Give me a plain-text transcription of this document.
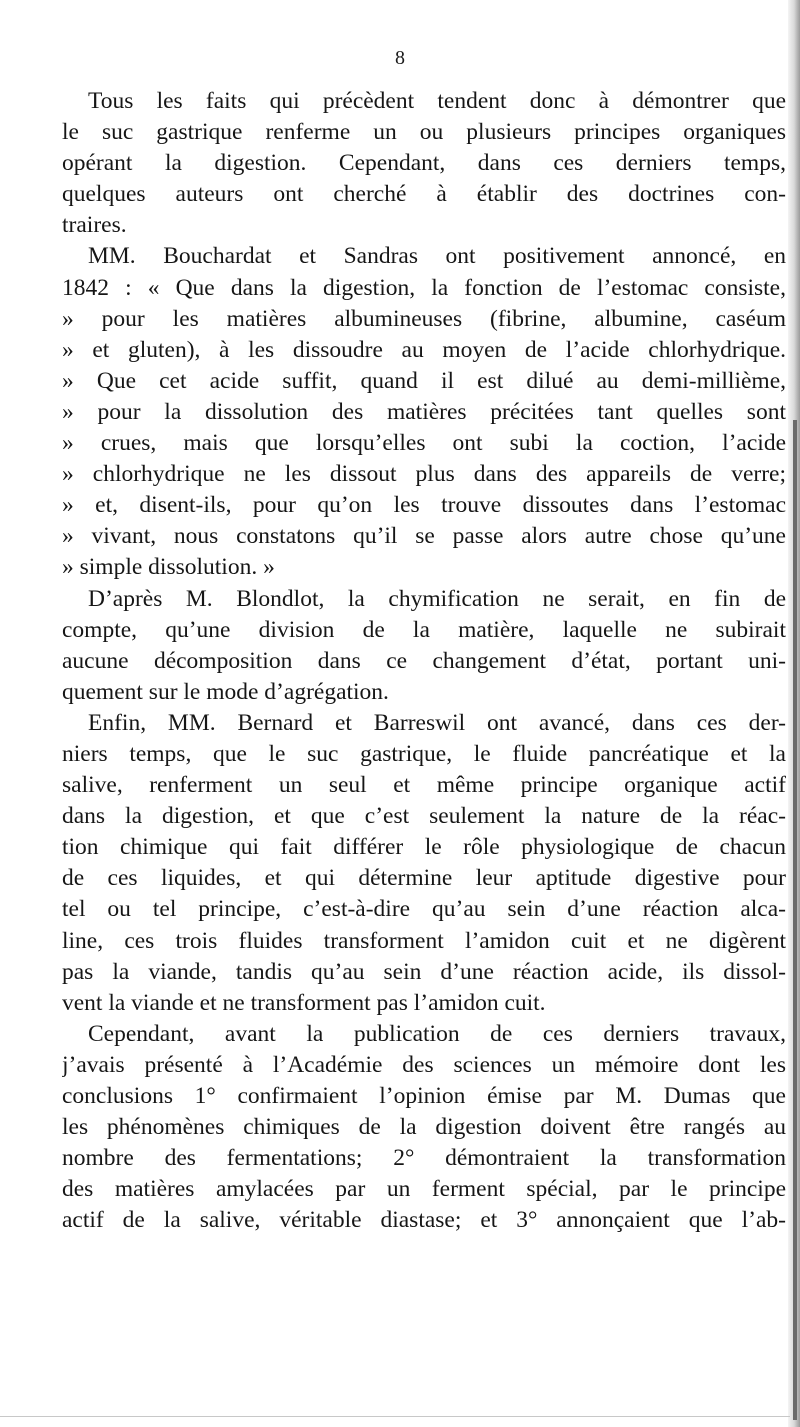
8
Tous les faits qui précèdent tendent donc à démontrer que
le suc gastrique renferme un ou plusieurs principes organiques
opérant la digestion. Cependant, dans ces derniers temps,
quelques auteurs ont cherché à établir des doctrines con-
traires.
MM. Bouchardat et Sandras ont positivement annoncé, en
1842 : « Que dans la digestion, la fonction de l’estomac consiste,
» pour les matières albumineuses (fibrine, albumine, caséum
» et gluten), à les dissoudre au moyen de l’acide chlorhydrique.
» Que cet acide suffit, quand il est dilué au demi-millième,
» pour la dissolution des matières précitées tant quelles sont
» crues, mais que lorsqu’elles ont subi la coction, l’acide
» chlorhydrique ne les dissout plus dans des appareils de verre;
» et, disent-ils, pour qu’on les trouve dissoutes dans l’estomac
» vivant, nous constatons qu’il se passe alors autre chose qu’une
» simple dissolution. »
D’après M. Blondlot, la chymification ne serait, en fin de
compte, qu’une division de la matière, laquelle ne subirait
aucune décomposition dans ce changement d’état, portant uni-
quement sur le mode d’agrégation.
Enfin, MM. Bernard et Barreswil ont avancé, dans ces der-
niers temps, que le suc gastrique, le fluide pancréatique et la
salive, renferment un seul et même principe organique actif
dans la digestion, et que c’est seulement la nature de la réac-
tion chimique qui fait différer le rôle physiologique de chacun
de ces liquides, et qui détermine leur aptitude digestive pour
tel ou tel principe, c’est-à-dire qu’au sein d’une réaction alca-
line, ces trois fluides transforment l’amidon cuit et ne digèrent
pas la viande, tandis qu’au sein d’une réaction acide, ils dissol-
vent la viande et ne transforment pas l’amidon cuit.
Cependant, avant la publication de ces derniers travaux,
j’avais présenté à l’Académie des sciences un mémoire dont les
conclusions 1° confirmaient l’opinion émise par M. Dumas que
les phénomènes chimiques de la digestion doivent être rangés au
nombre des fermentations; 2° démontraient la transformation
des matières amylacées par un ferment spécial, par le principe
actif de la salive, véritable diastase; et 3° annonçaient que l’ab-
